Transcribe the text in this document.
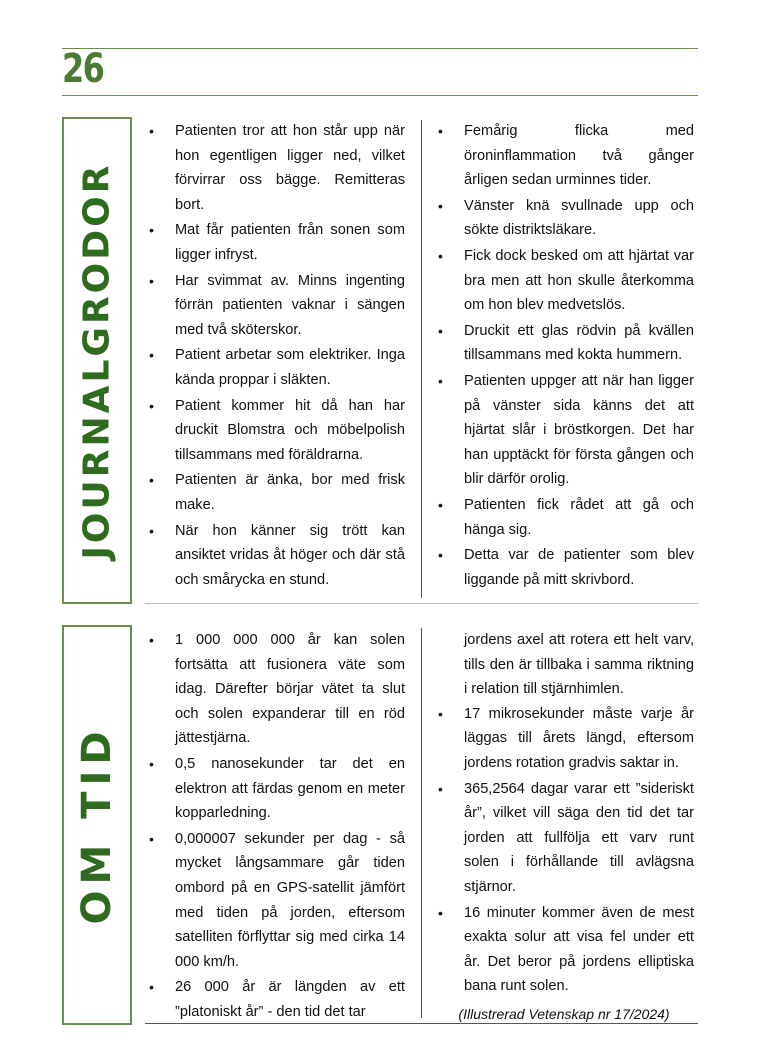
26
JOURNALGRODOR
• Patienten tror att hon står upp när hon egentligen ligger ned, vilket förvirrar oss bägge. Remitteras bort.
• Mat får patienten från sonen som ligger infryst.
• Har svimmat av. Minns ingenting förrän patienten vaknar i sängen med två sköterskor.
• Patient arbetar som elektriker. Inga kända proppar i släkten.
• Patient kommer hit då han har druckit Blomstra och möbelpolish tillsammans med föräldrarna.
• Patienten är änka, bor med frisk make.
• När hon känner sig trött kan ansiktet vridas åt höger och där stå och smårycka en stund.
• Femårig flicka med öroninflammation två gånger årligen sedan urminnes tider.
• Vänster knä svullnade upp och sökte distriktsläkare.
• Fick dock besked om att hjärtat var bra men att hon skulle återkomma om hon blev medvetslös.
• Druckit ett glas rödvin på kvällen tillsammans med kokta hummern.
• Patienten uppger att när han ligger på vänster sida känns det att hjärtat slår i bröstkorgen. Det har han upptäckt för första gången och blir därför orolig.
• Patienten fick rådet att gå och hänga sig.
• Detta var de patienter som blev liggande på mitt skrivbord.
OM TID
• 1 000 000 000 år kan solen fortsätta att fusionera väte som idag. Därefter börjar vätet ta slut och solen expanderar till en röd jättestjärna.
• 0,5 nanosekunder tar det en elektron att färdas genom en meter kopparledning.
• 0,000007 sekunder per dag - så mycket långsammare går tiden ombord på en GPS-satellit jämfört med tiden på jorden, eftersom satelliten förflyttar sig med cirka 14 000 km/h.
• 26 000 år är längden av ett ”platoniskt år” - den tid det tar

jordens axel att rotera ett helt varv, tills den är tillbaka i samma riktning i relation till stjärnhimlen.

• 17 mikrosekunder måste varje år läggas till årets längd, eftersom jordens rotation gradvis saktar in.
• 365,2564 dagar varar ett ”sideriskt år”, vilket vill säga den tid det tar jorden att fullfölja ett varv runt solen i förhållande till avlägsna stjärnor.
• 16 minuter kommer även de mest exakta solur att visa fel under ett år. Det beror på jordens elliptiska bana runt solen.

(Illustrerad Vetenskap nr 17/2024)
